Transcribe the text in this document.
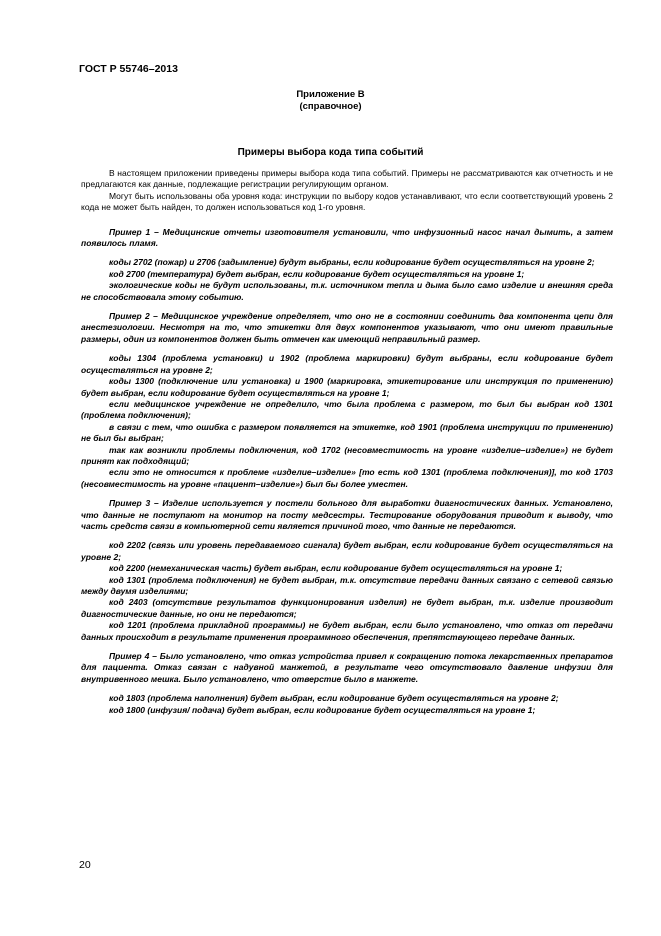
ГОСТ Р 55746–2013
Приложение В
(справочное)
Примеры выбора кода типа событий

В настоящем приложении приведены примеры выбора кода типа событий. Примеры не рассматриваются как отчетность и не предлагаются как данные, подлежащие регистрации регулирующим органом.

Могут быть использованы оба уровня кода: инструкции по выбору кодов устанавливают, что если соответствующий уровень 2 кода не может быть найден, то должен использоваться код 1-го уровня.

Пример 1 – Медицинские отчеты изготовителя установили, что инфузионный насос начал дымить, а затем появилось пламя.

коды 2702 (пожар) и 2706 (задымление) будут выбраны, если кодирование будет осуществляться на уровне 2;

код 2700 (температура) будет выбран, если кодирование будет осуществляться на уровне 1;

экологические коды не будут использованы, т.к. источником тепла и дыма было само изделие и внешняя среда не способствовала этому событию.

Пример 2 – Медицинское учреждение определяет, что оно не в состоянии соединить два компонента цепи для анестезиологии. Несмотря на то, что этикетки для двух компонентов указывают, что они имеют правильные размеры, один из компонентов должен быть отмечен как имеющий неправильный размер.

коды 1304 (проблема установки) и 1902 (проблема маркировки) будут выбраны, если кодирование будет осуществляться на уровне 2;

коды 1300 (подключение или установка) и 1900 (маркировка, этикетирование или инструкция по применению) будет выбран, если кодирование будет осуществляться на уровне 1;

если медицинское учреждение не определило, что была проблема с размером, то был бы выбран код 1301 (проблема подключения);

в связи с тем, что ошибка с размером появляется на этикетке, код 1901 (проблема инструкции по применению) не был бы выбран;

так как возникли проблемы подключения, код 1702 (несовместимость на уровне «изделие–изделие») не будет принят как подходящий;

если это не относится к проблеме «изделие–изделие» [то есть код 1301 (проблема подключения)], то код 1703 (несовместимость на уровне «пациент–изделие») был бы более уместен.

Пример 3 – Изделие используется у постели больного для выработки диагностических данных. Установлено, что данные не поступают на монитор на посту медсестры. Тестирование оборудования приводит к выводу, что часть средств связи в компьютерной сети является причиной того, что данные не передаются.

код 2202 (связь или уровень передаваемого сигнала) будет выбран, если кодирование будет осуществляться на уровне 2;

код 2200 (немеханическая часть) будет выбран, если кодирование будет осуществляться на уровне 1;

код 1301 (проблема подключения) не будет выбран, т.к. отсутствие передачи данных связано с сетевой связью между двумя изделиями;

код 2403 (отсутствие результатов функционирования изделия) не будет выбран, т.к. изделие производит диагностические данные, но они не передаются;

код 1201 (проблема прикладной программы) не будет выбран, если было установлено, что отказ от передачи данных происходит в результате применения программного обеспечения, препятствующего передаче данных.

Пример 4 – Было установлено, что отказ устройства привел к сокращению потока лекарственных препаратов для пациента. Отказ связан с надувной манжетой, в результате чего отсутствовало давление инфузии для внутривенного мешка. Было установлено, что отверстие было в манжете.

код 1803 (проблема наполнения) будет выбран, если кодирование будет осуществляться на уровне 2;

код 1800 (инфузия/ подача) будет выбран, если кодирование будет осуществляться на уровне 1;

20
